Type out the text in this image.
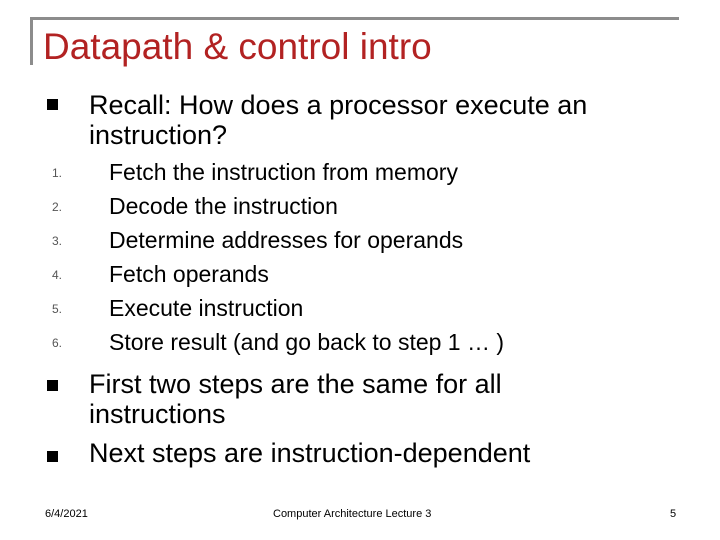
Datapath & control intro
Recall: How does a processor execute an
instruction?
1.	Fetch the instruction from memory
2.	Decode the instruction
3.	Determine addresses for operands
4.	Fetch operands
5.	Execute instruction
6.	Store result (and go back to step 1 … )
First two steps are the same for all
instructions
Next steps are instruction-dependent
6/4/2021	Computer Architecture Lecture 3	5
